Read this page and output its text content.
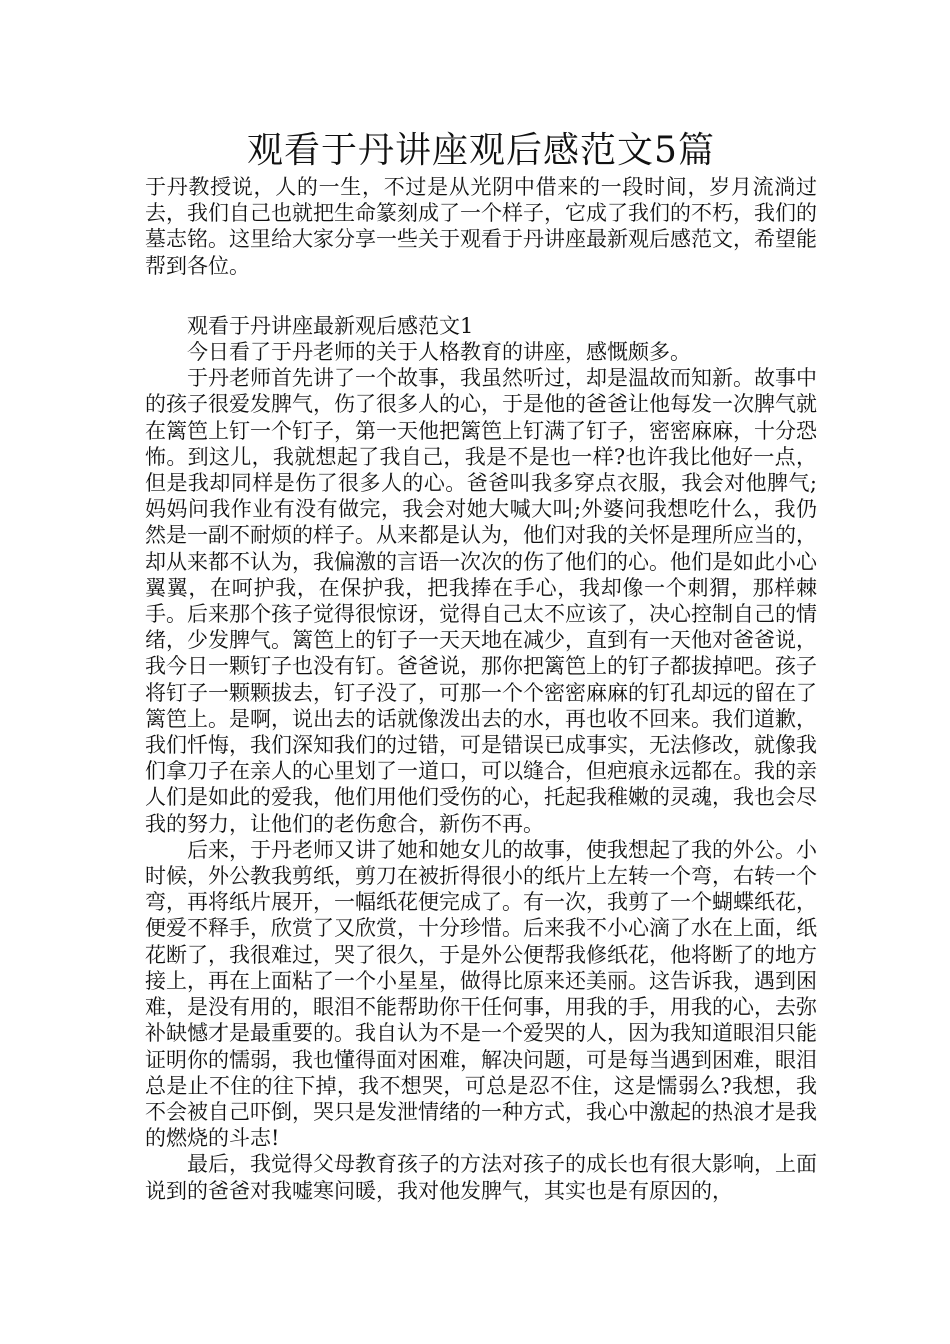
观看于丹讲座观后感范文5篇

于丹教授说，人的一生，不过是从光阴中借来的一段时间，岁月流淌过去，我们自己也就把生命篆刻成了一个样子，它成了我们的不朽，我们的墓志铭。这里给大家分享一些关于观看于丹讲座最新观后感范文，希望能帮到各位。

观看于丹讲座最新观后感范文1

今日看了于丹老师的关于人格教育的讲座，感慨颇多。

于丹老师首先讲了一个故事，我虽然听过，却是温故而知新。故事中的孩子很爱发脾气，伤了很多人的心，于是他的爸爸让他每发一次脾气就在篱笆上钉一个钉子，第一天他把篱笆上钉满了钉子，密密麻麻，十分恐怖。到这儿，我就想起了我自己，我是不是也一样?也许我比他好一点，但是我却同样是伤了很多人的心。爸爸叫我多穿点衣服，我会对他脾气;妈妈问我作业有没有做完，我会对她大喊大叫;外婆问我想吃什么，我仍然是一副不耐烦的样子。从来都是认为，他们对我的关怀是理所应当的，却从来都不认为，我偏激的言语一次次的伤了他们的心。他们是如此小心翼翼，在呵护我，在保护我，把我捧在手心，我却像一个刺猬，那样棘手。后来那个孩子觉得很惊讶，觉得自己太不应该了，决心控制自己的情绪，少发脾气。篱笆上的钉子一天天地在减少，直到有一天他对爸爸说，我今日一颗钉子也没有钉。爸爸说，那你把篱笆上的钉子都拔掉吧。孩子将钉子一颗颗拔去，钉子没了，可那一个个密密麻麻的钉孔却远的留在了篱笆上。是啊，说出去的话就像泼出去的水，再也收不回来。我们道歉，我们忏悔，我们深知我们的过错，可是错误已成事实，无法修改，就像我们拿刀子在亲人的心里划了一道口，可以缝合，但疤痕永远都在。我的亲人们是如此的爱我，他们用他们受伤的心，托起我稚嫩的灵魂，我也会尽我的努力，让他们的老伤愈合，新伤不再。

后来，于丹老师又讲了她和她女儿的故事，使我想起了我的外公。小时候，外公教我剪纸，剪刀在被折得很小的纸片上左转一个弯，右转一个弯，再将纸片展开，一幅纸花便完成了。有一次，我剪了一个蝴蝶纸花，便爱不释手，欣赏了又欣赏，十分珍惜。后来我不小心滴了水在上面，纸花断了，我很难过，哭了很久，于是外公便帮我修纸花，他将断了的地方接上，再在上面粘了一个小星星，做得比原来还美丽。这告诉我，遇到困难，是没有用的，眼泪不能帮助你干任何事，用我的手，用我的心，去弥补缺憾才是最重要的。我自认为不是一个爱哭的人，因为我知道眼泪只能证明你的懦弱，我也懂得面对困难，解决问题，可是每当遇到困难，眼泪总是止不住的往下掉，我不想哭，可总是忍不住，这是懦弱么?我想，我不会被自己吓倒，哭只是发泄情绪的一种方式，我心中激起的热浪才是我的燃烧的斗志!

最后，我觉得父母教育孩子的方法对孩子的成长也有很大影响，上面说到的爸爸对我嘘寒问暖，我对他发脾气，其实也是有原因的，
